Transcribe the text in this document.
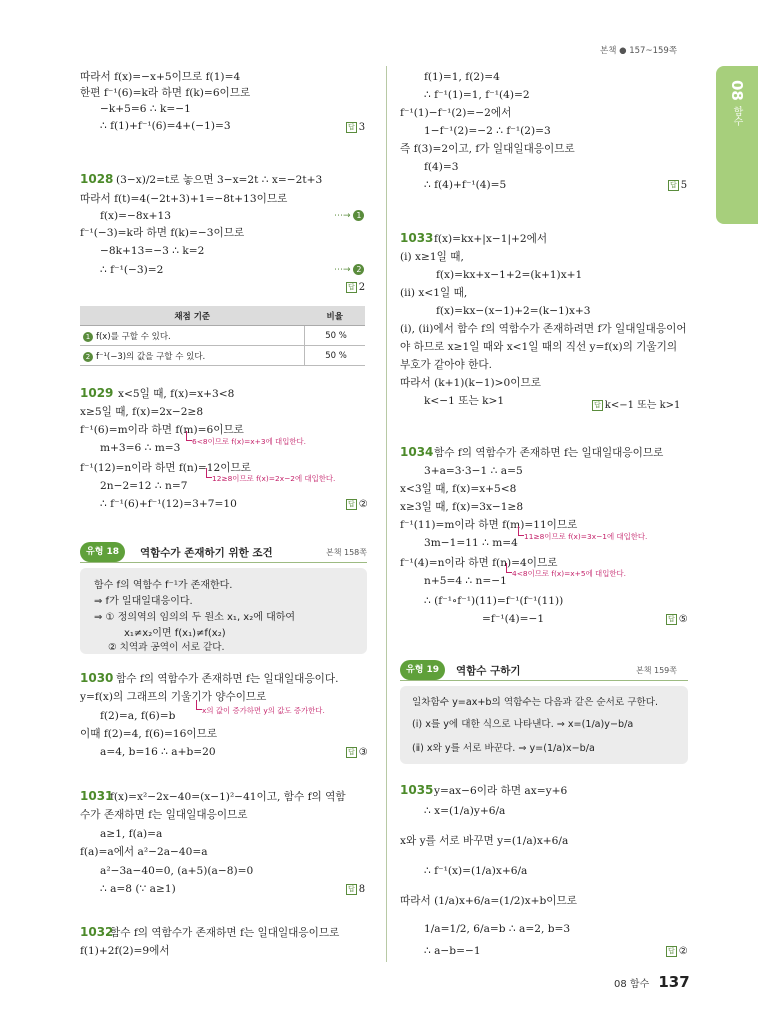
본책 ● 157~159쪽
08
함수
따라서 f(x)=−x+5이므로 f(1)=4
한편 f⁻¹(6)=k라 하면 f(k)=6이므로
−k+5=6 ∴ k=−1
∴ f(1)+f⁻¹(6)=4+(−1)=3
(3−x)/2=t로 놓으면 3−x=2t ∴ x=−2t+3
따라서 f(t)=4(−2t+3)+1=−8t+13이므로
f(x)=−8x+13
f⁻¹(−3)=k라 하면 f(k)=−3이므로
−8k+13=−3 ∴ k=2
∴ f⁻¹(−3)=2
x<5일 때, f(x)=x+3<8
x≥5일 때, f(x)=2x−2≥8
f⁻¹(6)=m이라 하면 f(m)=6이므로
m+3=6 ∴ m=3
f⁻¹(12)=n이라 하면 f(n)=12이므로
2n−2=12 ∴ n=7
∴ f⁻¹(6)+f⁻¹(12)=3+7=10
함수 f의 역함수가 존재하면 f는 일대일대응이다.
y=f(x)의 그래프의 기울기가 양수이므로
f(2)=a, f(6)=b
이때 f(2)=4, f(6)=16이므로
a=4, b=16 ∴ a+b=20
f(x)=x²−2x−40=(x−1)²−41이고, 함수 f의 역함
수가 존재하면 f는 일대일대응이므로
a≥1, f(a)=a
f(a)=a에서 a²−2a−40=a
a²−3a−40=0, (a+5)(a−8)=0
∴ a=8 (∵ a≥1)
함수 f의 역함수가 존재하면 f는 일대일대응이므로
f(1)+2f(2)=9에서
f(1)=1, f(2)=4
∴ f⁻¹(1)=1, f⁻¹(4)=2
f⁻¹(1)−f⁻¹(2)=−2에서
1−f⁻¹(2)=−2 ∴ f⁻¹(2)=3
즉 f(3)=2이고, f가 일대일대응이므로
f(4)=3
∴ f(4)+f⁻¹(4)=5
f(x)=kx+|x−1|+2에서
(ⅰ) x≥1일 때,
f(x)=kx+x−1+2=(k+1)x+1
(ⅱ) x<1일 때,
f(x)=kx−(x−1)+2=(k−1)x+3
(ⅰ), (ⅱ)에서 함수 f의 역함수가 존재하려면 f가 일대일대응이어
야 하므로 x≥1일 때와 x<1일 때의 직선 y=f(x)의 기울기의
부호가 같아야 한다.
따라서 (k+1)(k−1)>0이므로
k<−1 또는 k>1
함수 f의 역함수가 존재하면 f는 일대일대응이므로
3+a=3·3−1 ∴ a=5
x<3일 때, f(x)=x+5<8
x≥3일 때, f(x)=3x−1≥8
f⁻¹(11)=m이라 하면 f(m)=11이므로
3m−1=11 ∴ m=4
f⁻¹(4)=n이라 하면 f(n)=4이므로
n+5=4 ∴ n=−1
∴ (f⁻¹∘f⁻¹)(11)=f⁻¹(f⁻¹(11))
=f⁻¹(4)=−1
y=ax−6이라 하면 ax=y+6
∴ x=(1/a)y+6/a
x와 y를 서로 바꾸면 y=(1/a)x+6/a
∴ f⁻¹(x)=(1/a)x+6/a
따라서 (1/a)x+6/a=(1/2)x+b이므로
1/a=1/2, 6/a=b ∴ a=2, b=3
∴ a−b=−1
1028
1029
1030
1031
1032
1033
1034
1035
6<8이므로 f(x)=x+3에 대입한다.
12≥8이므로 f(x)=2x−2에 대입한다.
x의 값이 증가하면 y의 값도 증가한다.
11≥8이므로 f(x)=3x−1에 대입한다.
4<8이므로 f(x)=x+5에 대입한다.
답 3
답 2
답 ②
답 ③
답 8
답 5
답 k<−1 또는 k>1
답 ⑤
답 ②
⋯→ 1
⋯→ 2
채점 기준	비율
1 f(x)를 구할 수 있다.	50 %
2 f⁻¹(−3)의 값을 구할 수 있다.	50 %
유형 18	역함수가 존재하기 위한 조건	본책 158쪽
함수 f의 역함수 f⁻¹가 존재한다.
⇒ f가 일대일대응이다.
⇒ ① 정의역의 임의의 두 원소 x₁, x₂에 대하여
x₁≠x₂이면 f(x₁)≠f(x₂)
② 치역과 공역이 서로 같다.
유형 19	역함수 구하기	본책 159쪽
일차함수 y=ax+b의 역함수는 다음과 같은 순서로 구한다.
(ⅰ) x를 y에 대한 식으로 나타낸다. ⇒ x=(1/a)y−b/a
(ⅱ) x와 y를 서로 바꾼다. ⇒ y=(1/a)x−b/a
08 함수 137
